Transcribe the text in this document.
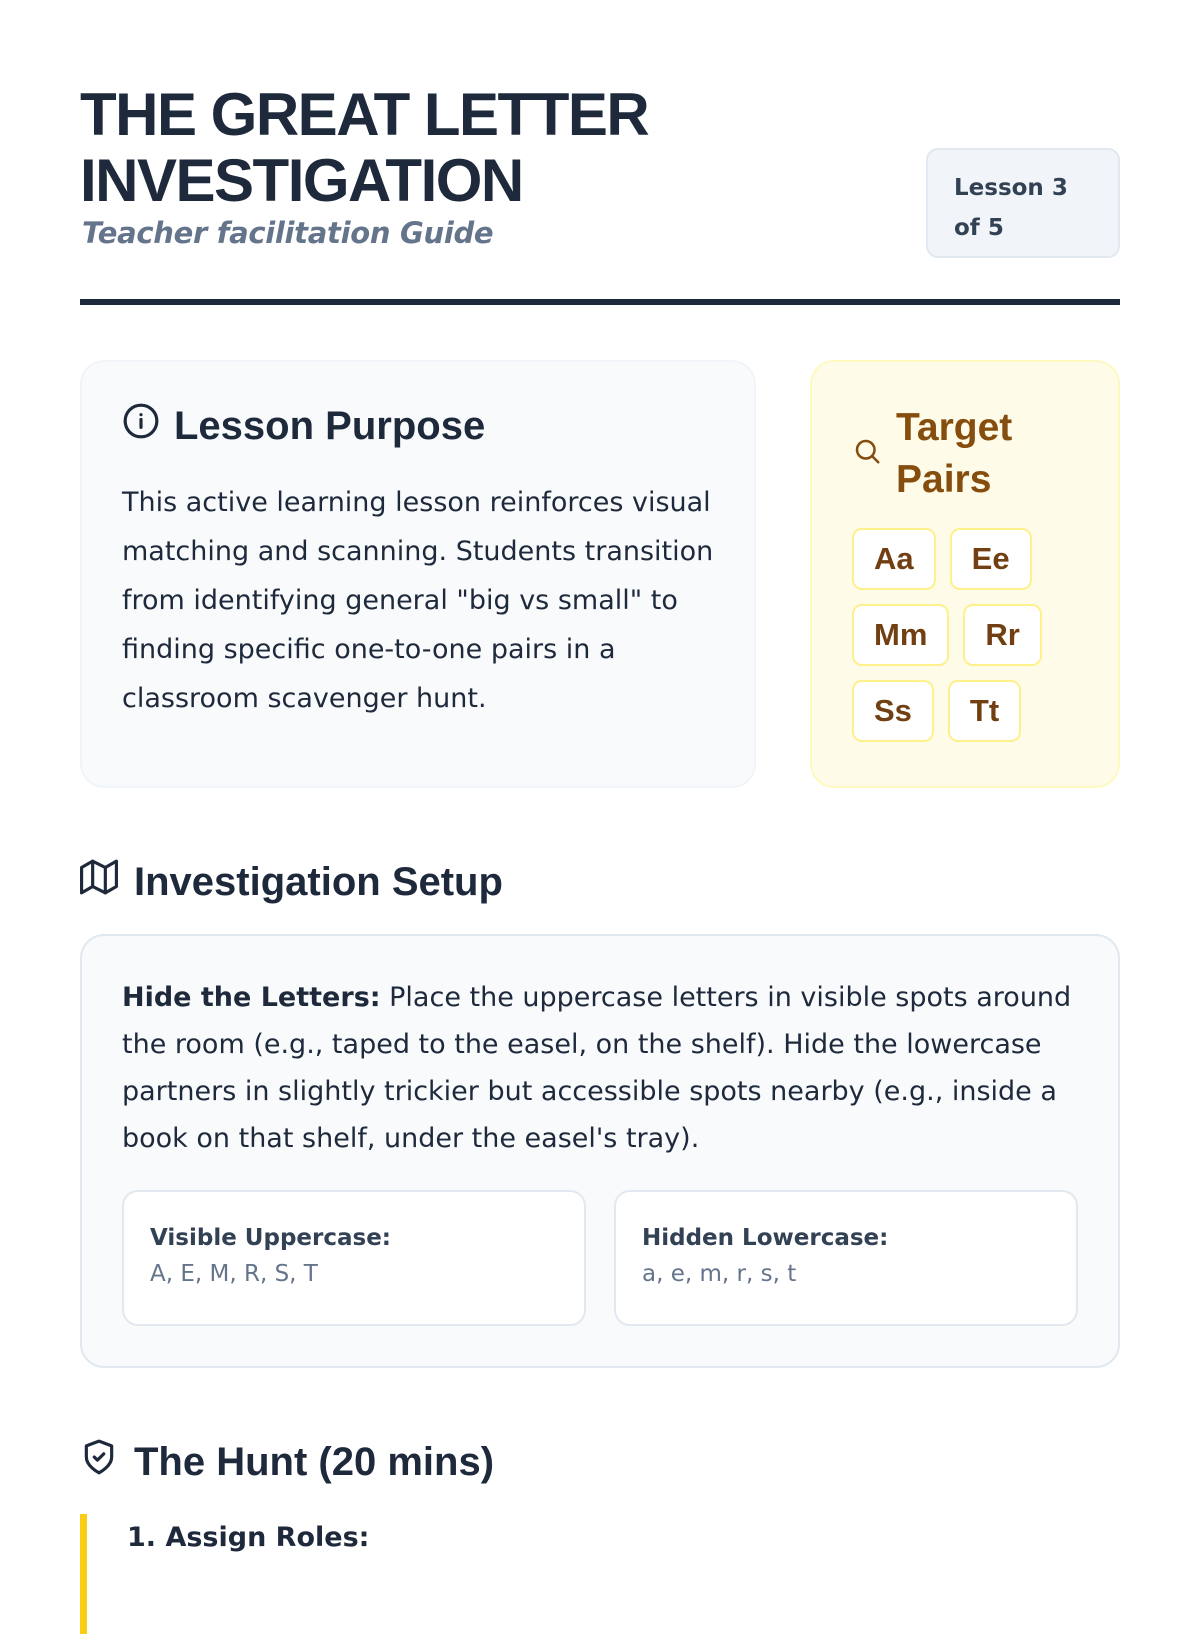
THE GREAT LETTER INVESTIGATION

Teacher facilitation Guide

Lesson 3 of 5
Lesson Purpose

This active learning lesson reinforces visual matching and scanning. Students transition from identifying general "big vs small" to finding specific one-to-one pairs in a classroom scavenger hunt.

Target Pairs
Aa	Ee
Mm	Rr
Ss	Tt
Investigation Setup

Hide the Letters: Place the uppercase letters in visible spots around the room (e.g., taped to the easel, on the shelf). Hide the lowercase partners in slightly trickier but accessible spots nearby (e.g., inside a book on that shelf, under the easel's tray).

Visible Uppercase:
A, E, M, R, S, T
Hidden Lowercase:
a, e, m, r, s, t
The Hunt (20 mins)

1. Assign Roles:
